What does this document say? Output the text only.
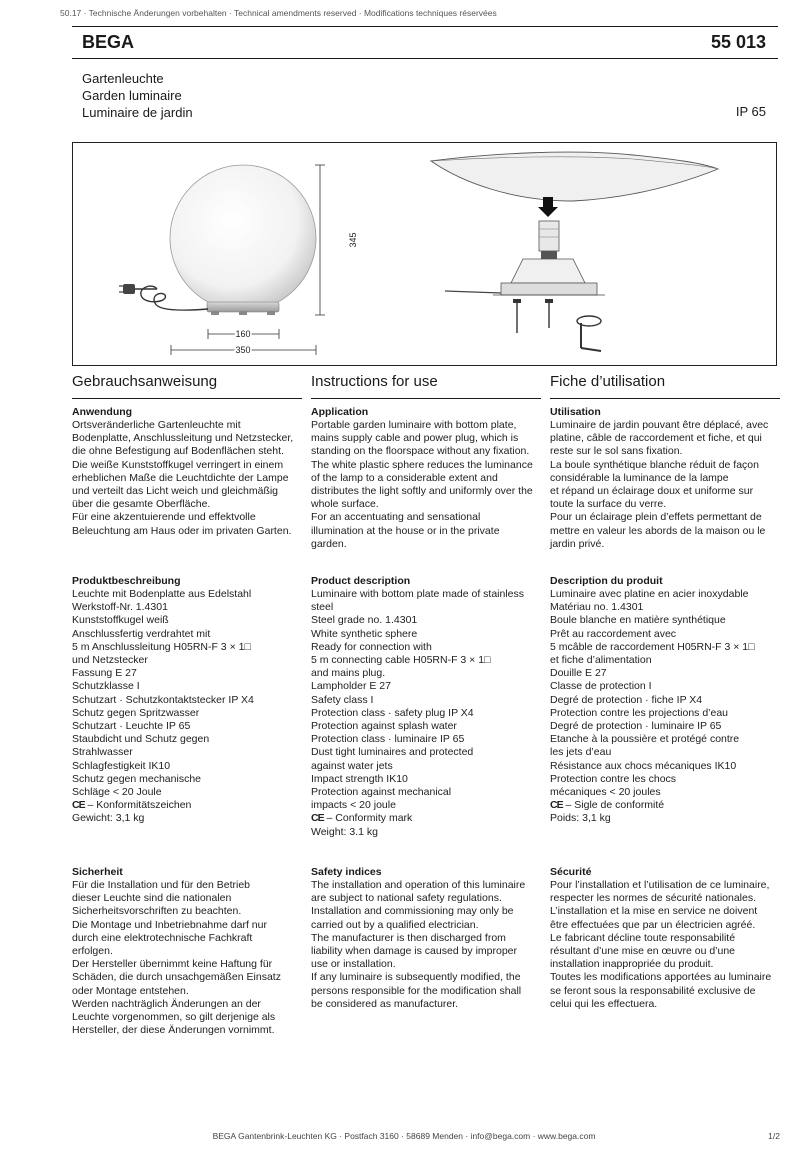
50.17 · Technische Änderungen vorbehalten · Technical amendments reserved · Modifications techniques réservées
BEGA	55 013
Gartenleuchte
Garden luminaire
Luminaire de jardin	IP 65
345
160
350
Gebrauchsanweisung
Anwendung
Ortsveränderliche Gartenleuchte mit
Bodenplatte, Anschlussleitung und Netzstecker,
die ohne Befestigung auf Bodenflächen steht.
Die weiße Kunststoffkugel verringert in einem
erheblichen Maße die Leuchtdichte der Lampe
und verteilt das Licht weich und gleichmäßig
über die gesamte Oberfläche.
Für eine akzentuierende und effektvolle
Beleuchtung am Haus oder im privaten Garten.
Produktbeschreibung
Leuchte mit Bodenplatte aus Edelstahl
Werkstoff-Nr. 1.4301
Kunststoffkugel weiß
Anschlussfertig verdrahtet mit
5 m Anschlussleitung H05RN-F 3 × 1□
und Netzstecker
Fassung E 27
Schutzklasse I
Schutzart · Schutzkontaktstecker IP X4
Schutz gegen Spritzwasser
Schutzart · Leuchte IP 65
Staubdicht und Schutz gegen
Strahlwasser
Schlagfestigkeit IK10
Schutz gegen mechanische
Schläge < 20 Joule
CE – Konformitätszeichen
Gewicht: 3,1 kg
Sicherheit
Für die Installation und für den Betrieb
dieser Leuchte sind die nationalen
Sicherheitsvorschriften zu beachten.
Die Montage und Inbetriebnahme darf nur
durch eine elektrotechnische Fachkraft
erfolgen.
Der Hersteller übernimmt keine Haftung für
Schäden, die durch unsachgemäßen Einsatz
oder Montage entstehen.
Werden nachträglich Änderungen an der
Leuchte vorgenommen, so gilt derjenige als
Hersteller, der diese Änderungen vornimmt.
Instructions for use
Application
Portable garden luminaire with bottom plate,
mains supply cable and power plug, which is
standing on the floorspace without any fixation.
The white plastic sphere reduces the luminance
of the lamp to a considerable extent and
distributes the light softly and uniformly over the
whole surface.
For an accentuating and sensational
illumination at the house or in the private
garden.
Product description
Luminaire with bottom plate made of stainless
steel
Steel grade no. 1.4301
White synthetic sphere
Ready for connection with
5 m connecting cable H05RN-F 3 × 1□
and mains plug.
Lampholder E 27
Safety class I
Protection class · safety plug IP X4
Protection against splash water
Protection class · luminaire IP 65
Dust tight luminaires and protected
against water jets
Impact strength IK10
Protection against mechanical
impacts < 20 joule
CE – Conformity mark
Weight: 3.1 kg
Safety indices
The installation and operation of this luminaire
are subject to national safety regulations.
Installation and commissioning may only be
carried out by a qualified electrician.
The manufacturer is then discharged from
liability when damage is caused by improper
use or installation.
If any luminaire is subsequently modified, the
persons responsible for the modification shall
be considered as manufacturer.
Fiche d’utilisation
Utilisation
Luminaire de jardin pouvant être déplacé, avec
platine, câble de raccordement et fiche, et qui
reste sur le sol sans fixation.
La boule synthétique blanche réduit de façon
considérable la luminance de la lampe
et répand un éclairage doux et uniforme sur
toute la surface du verre.
Pour un éclairage plein d’effets permettant de
mettre en valeur les abords de la maison ou le
jardin privé.
Description du produit
Luminaire avec platine en acier inoxydable
Matériau no. 1.4301
Boule blanche en matière synthétique
Prêt au raccordement avec
5 mcâble de raccordement H05RN-F 3 × 1□
et fiche d’alimentation
Douille E 27
Classe de protection I
Degré de protection · fiche IP X4
Protection contre les projections d’eau
Degré de protection · luminaire IP 65
Etanche à la poussière et protégé contre
les jets d’eau
Résistance aux chocs mécaniques IK10
Protection contre les chocs
mécaniques < 20 joules
CE – Sigle de conformité
Poids: 3,1 kg
Sécurité
Pour l’installation et l’utilisation de ce luminaire,
respecter les normes de sécurité nationales.
L’installation et la mise en service ne doivent
être effectuées que par un électricien agréé.
Le fabricant décline toute responsabilité
résultant d’une mise en œuvre ou d’une
installation inappropriée du produit.
Toutes les modifications apportées au luminaire
se feront sous la responsabilité exclusive de
celui qui les effectuera.
BEGA Gantenbrink-Leuchten KG · Postfach 3160 · 58689 Menden · info@bega.com · www.bega.com	1/2
